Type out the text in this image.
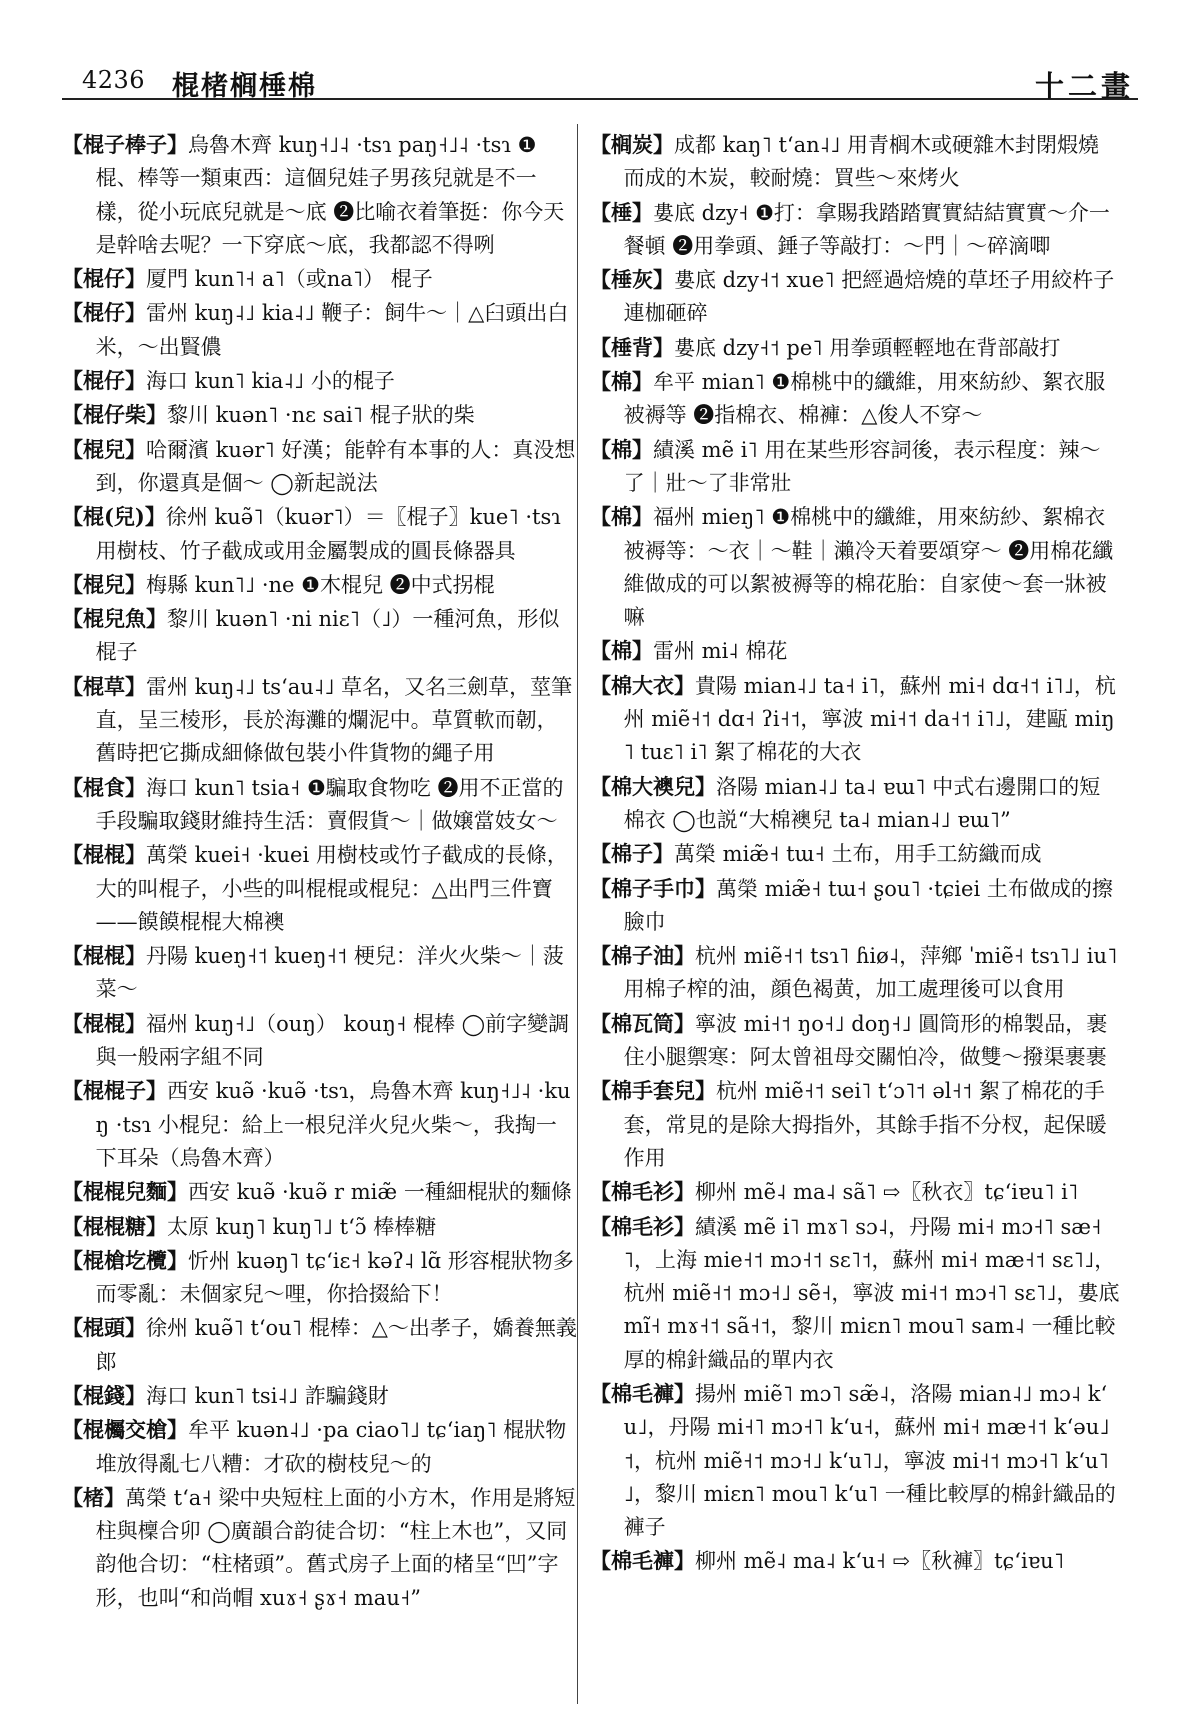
4236 棍楮榈棰棉	十二畫

【棍子棒子】烏魯木齊 kuŋ˧˩˨ ·tsɿ paŋ˧˩˨ ·tsɿ ❶棍、棒等一類東西：這個兒娃子男孩兒就是不一樣，從小玩底兒就是～底 ❷比喻衣着筆挺：你今天是幹啥去呢？一下穿底～底，我都認不得咧

【棍仔】厦門 kun˥˧ a˥（或na˥） 棍子

【棍仔】雷州 kuŋ˨˩ kia˨˩ 鞭子：飼牛～｜△臼頭出白米，～出賢儂

【棍仔】海口 kun˥ kia˨˩ 小的棍子

【棍仔柴】黎川 kuən˥ ·nɛ sai˥ 棍子狀的柴

【棍兒】哈爾濱 kuər˥ 好漢；能幹有本事的人：真没想到，你還真是個～ ◯新起説法

【棍(兒)】徐州 kuə̃˥（kuər˥）＝〖棍子〗kue˥ ·tsɿ 用樹枝、竹子截成或用金屬製成的圓長條器具

【棍兒】梅縣 kun˥˩ ·ne ❶木棍兒 ❷中式拐棍

【棍兒魚】黎川 kuən˥ ·ni niɛ˥（˩）一種河魚，形似棍子

【棍草】雷州 kuŋ˨˩ tsʻau˨˩ 草名，又名三劍草，莖筆直，呈三棱形，長於海灘的爛泥中。草質軟而韌，舊時把它撕成細條做包裝小件貨物的繩子用

【棍食】海口 kun˥ tsia˧ ❶騙取食物吃 ❷用不正當的手段騙取錢財維持生活：賣假貨～｜做嬢當妓女～

【棍棍】萬榮 kuei˧ ·kuei 用樹枝或竹子截成的長條，大的叫棍子，小些的叫棍棍或棍兒：△出門三件寶——饃饃棍棍大棉襖

【棍棍】丹陽 kueŋ˧˦ kueŋ˧˦ 梗兒：洋火火柴～｜菠菜～

【棍棍】福州 kuŋ˧˩（ouŋ） kouŋ˧ 棍棒 ◯前字變調與一般兩字組不同

【棍棍子】西安 kuə̃ ·kuə̃ ·tsɿ，烏魯木齊 kuŋ˧˩˨ ·kuŋ ·tsɿ 小棍兒：給上一根兒洋火兒火柴～，我掏一下耳朵（烏魯木齊）

【棍棍兒麵】西安 kuə̃ ·kuə̃ r miæ̃ 一種細棍狀的麵條

【棍棍糖】太原 kuŋ˥ kuŋ˥˩ tʻɔ̃ 棒棒糖

【棍槍圪欖】忻州 kuəŋ˥ tɕʻiɛ˧ kəʔ˨ lɑ̃ 形容棍狀物多而零亂：未個家兒～哩，你拾掇給下！

【棍頭】徐州 kuə̃˥ tʻou˥ 棍棒：△～出孝子，嬌養無義郎

【棍錢】海口 kun˥ tsi˨˩ 詐騙錢財

【棍欘交槍】牟平 kuən˨˩ ·pa ciao˥˩ tɕʻiaŋ˥ 棍狀物堆放得亂七八糟：才砍的樹枝兒～的

【楮】萬榮 tʻa˧ 梁中央短柱上面的小方木，作用是將短柱與檁合卯 ◯廣韻合韵徒合切：“柱上木也”，又同韵他合切：“柱楮頭”。舊式房子上面的楮呈“凹”字形，也叫“和尚帽 xuɤ˧ ʂɤ˧ mau˧”

【榈炭】成都 kaŋ˥ tʻan˨˩ 用青榈木或硬雜木封閉煆燒而成的木炭，較耐燒：買些～來烤火

【棰】婁底 dzy˧ ❶打：拿賜我踏踏實實結結實實～介一餐頓 ❷用拳頭、錘子等敲打：～門｜～碎滴唧

【棰灰】婁底 dzy˧˦ xue˥ 把經過焙燒的草坯子用絞杵子連枷砸碎

【棰背】婁底 dzy˧˦ pe˥ 用拳頭輕輕地在背部敲打

【棉】牟平 mian˥ ❶棉桃中的纖維，用來紡紗、絮衣服被褥等 ❷指棉衣、棉褲：△俊人不穿～

【棉】績溪 mẽ i˥ 用在某些形容詞後，表示程度：辣～了｜壯～了非常壯

【棉】福州 mieŋ˥ ❶棉桃中的纖維，用來紡紗、絮棉衣被褥等：～衣｜～鞋｜瀨冷天着要頌穿～ ❷用棉花纖維做成的可以絮被褥等的棉花胎：自家使～套一牀被嘛

【棉】雷州 mi˨ 棉花

【棉大衣】貴陽 mian˨˩ ta˧ i˥，蘇州 mi˧ dɑ˧˦ i˥˩，杭州 miẽ˧˦ dɑ˧ ʔi˧˦，寧波 mi˧˦ da˧˦ i˥˩，建甌 miŋ˥ tuɛ˥ i˥ 絮了棉花的大衣

【棉大襖兒】洛陽 mian˨˩ ta˨ ɐɯ˥ 中式右邊開口的短棉衣 ◯也説“大棉襖兒 ta˨ mian˨˩ ɐɯ˥”

【棉子】萬榮 miæ̃˧ tɯ˧ 土布，用手工紡織而成

【棉子手巾】萬榮 miæ̃˧ tɯ˧ ʂou˥ ·tɕiei 土布做成的擦臉巾

【棉子油】杭州 miẽ˧˦ tsɿ˥ ɦiø˨，萍鄉 ˈmiẽ˧ tsɿ˥˩ iu˥ 用棉子榨的油，顔色褐黄，加工處理後可以食用

【棉瓦筒】寧波 mi˧˦ ŋo˧˩ doŋ˧˩ 圓筒形的棉製品，裹住小腿禦寒：阿太曾祖母交關怕冷，做雙～撥渠裹裹

【棉手套兒】杭州 miẽ˧˦ sei˥ tʻɔ˥˦ əl˧˦ 絮了棉花的手套，常見的是除大拇指外，其餘手指不分杈，起保暖作用

【棉毛衫】柳州 mẽ˨ ma˨ sã˥ ⇨〖秋衣〗tɕʻiɐu˥ i˥

【棉毛衫】績溪 mẽ i˥ mɤ˥ sɔ˨，丹陽 mi˧ mɔ˧˥ sæ˧˥，上海 mie˧˦ mɔ˧˦ sɛ˥˦，蘇州 mi˧ mæ˧˦ sɛ˥˩，杭州 miẽ˧˦ mɔ˧˩ sẽ˧，寧波 mi˧˦ mɔ˧˥ sɛ˥˩，婁底 mĩ˧ mɤ˧˦ sã˧˦，黎川 miɛn˥ mou˥ sam˨ 一種比較厚的棉針織品的單内衣

【棉毛褲】揚州 miẽ˥ mɔ˥ sæ̃˨，洛陽 mian˨˩ mɔ˨ kʻu˩，丹陽 mi˧˥ mɔ˧˥ kʻu˧，蘇州 mi˧ mæ˧˦ kʻəu˩˦，杭州 miẽ˧˦ mɔ˧˩ kʻu˥˩，寧波 mi˧˦ mɔ˧˥ kʻu˥˩，黎川 miɛn˥ mou˥ kʻu˥ 一種比較厚的棉針織品的褲子

【棉毛褲】柳州 mẽ˨ ma˨ kʻu˧ ⇨〖秋褲〗tɕʻiɐu˥
